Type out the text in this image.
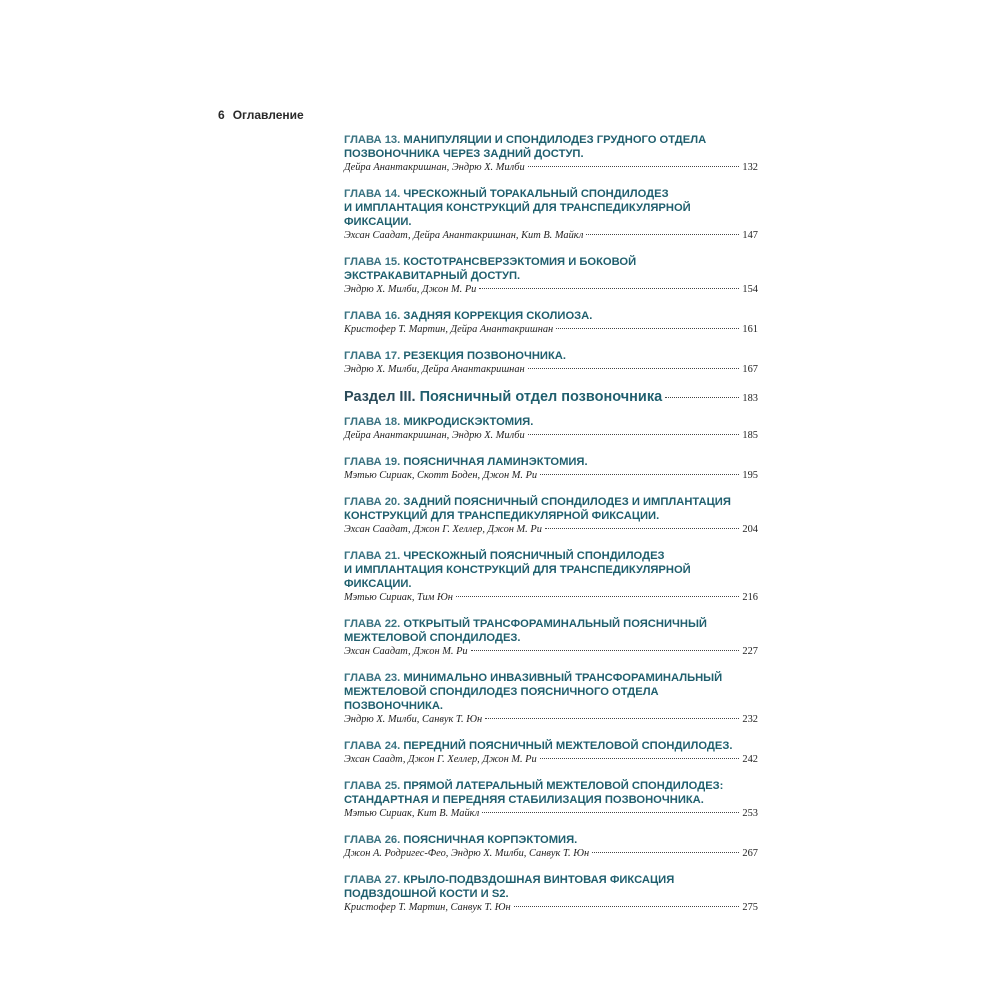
6 Оглавление
ГЛАВА 13. МАНИПУЛЯЦИИ И СПОНДИЛОДЕЗ ГРУДНОГО ОТДЕЛА
ПОЗВОНОЧНИКА ЧЕРЕЗ ЗАДНИЙ ДОСТУП.
Дейра Анантакришнан, Эндрю Х. Милби	132
ГЛАВА 14. ЧРЕСКОЖНЫЙ ТОРАКАЛЬНЫЙ СПОНДИЛОДЕЗ
И ИМПЛАНТАЦИЯ КОНСТРУКЦИЙ ДЛЯ ТРАНСПЕДИКУЛЯРНОЙ
ФИКСАЦИИ.
Эхсан Саадат, Дейра Анантакришнан, Кит В. Майкл	147
ГЛАВА 15. КОСТОТРАНСВЕРЗЭКТОМИЯ И БОКОВОЙ
ЭКСТРАКАВИТАРНЫЙ ДОСТУП.
Эндрю Х. Милби, Джон М. Ри	154
ГЛАВА 16. ЗАДНЯЯ КОРРЕКЦИЯ СКОЛИОЗА.
Кристофер Т. Мартин, Дейра Анантакришнан	161
ГЛАВА 17. РЕЗЕКЦИЯ ПОЗВОНОЧНИКА.
Эндрю Х. Милби, Дейра Анантакришнан	167
Раздел III. Поясничный отдел позвоночника	183
ГЛАВА 18. МИКРОДИСКЭКТОМИЯ.
Дейра Анантакришнан, Эндрю Х. Милби	185
ГЛАВА 19. ПОЯСНИЧНАЯ ЛАМИНЭКТОМИЯ.
Мэтью Сириак, Скотт Боден, Джон М. Ри	195
ГЛАВА 20. ЗАДНИЙ ПОЯСНИЧНЫЙ СПОНДИЛОДЕЗ И ИМПЛАНТАЦИЯ
КОНСТРУКЦИЙ ДЛЯ ТРАНСПЕДИКУЛЯРНОЙ ФИКСАЦИИ.
Эхсан Саадат, Джон Г. Хеллер, Джон М. Ри	204
ГЛАВА 21. ЧРЕСКОЖНЫЙ ПОЯСНИЧНЫЙ СПОНДИЛОДЕЗ
И ИМПЛАНТАЦИЯ КОНСТРУКЦИЙ ДЛЯ ТРАНСПЕДИКУЛЯРНОЙ
ФИКСАЦИИ.
Мэтью Сириак, Тим Юн	216
ГЛАВА 22. ОТКРЫТЫЙ ТРАНСФОРАМИНАЛЬНЫЙ ПОЯСНИЧНЫЙ
МЕЖТЕЛОВОЙ СПОНДИЛОДЕЗ.
Эхсан Саадат, Джон М. Ри	227
ГЛАВА 23. МИНИМАЛЬНО ИНВАЗИВНЫЙ ТРАНСФОРАМИНАЛЬНЫЙ
МЕЖТЕЛОВОЙ СПОНДИЛОДЕЗ ПОЯСНИЧНОГО ОТДЕЛА
ПОЗВОНОЧНИКА.
Эндрю Х. Милби, Санвук Т. Юн	232
ГЛАВА 24. ПЕРЕДНИЙ ПОЯСНИЧНЫЙ МЕЖТЕЛОВОЙ СПОНДИЛОДЕЗ.
Эхсан Саадт, Джон Г. Хеллер, Джон М. Ри	242
ГЛАВА 25. ПРЯМОЙ ЛАТЕРАЛЬНЫЙ МЕЖТЕЛОВОЙ СПОНДИЛОДЕЗ:
СТАНДАРТНАЯ И ПЕРЕДНЯЯ СТАБИЛИЗАЦИЯ ПОЗВОНОЧНИКА.
Мэтью Сириак, Кит В. Майкл	253
ГЛАВА 26. ПОЯСНИЧНАЯ КОРПЭКТОМИЯ.
Джон А. Родригес-Фео, Эндрю Х. Милби, Санвук Т. Юн	267
ГЛАВА 27. КРЫЛО-ПОДВЗДОШНАЯ ВИНТОВАЯ ФИКСАЦИЯ
ПОДВЗДОШНОЙ КОСТИ И S2.
Кристофер Т. Мартин, Санвук Т. Юн	275
